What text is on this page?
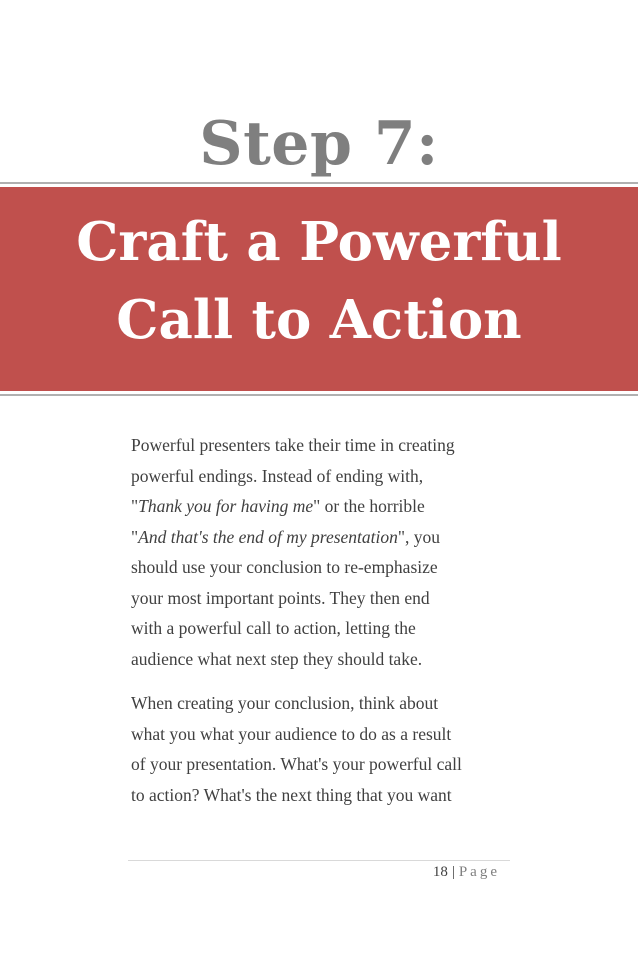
Step 7:
Craft a Powerful
Call to Action

Powerful presenters take their time in creating

powerful endings. Instead of ending with,

"Thank you for having me" or the horrible

"And that's the end of my presentation", you

should use your conclusion to re-emphasize

your most important points. They then end

with a powerful call to action, letting the

audience what next step they should take.

When creating your conclusion, think about

what you what your audience to do as a result

of your presentation. What's your powerful call

to action? What's the next thing that you want

18 | Page
